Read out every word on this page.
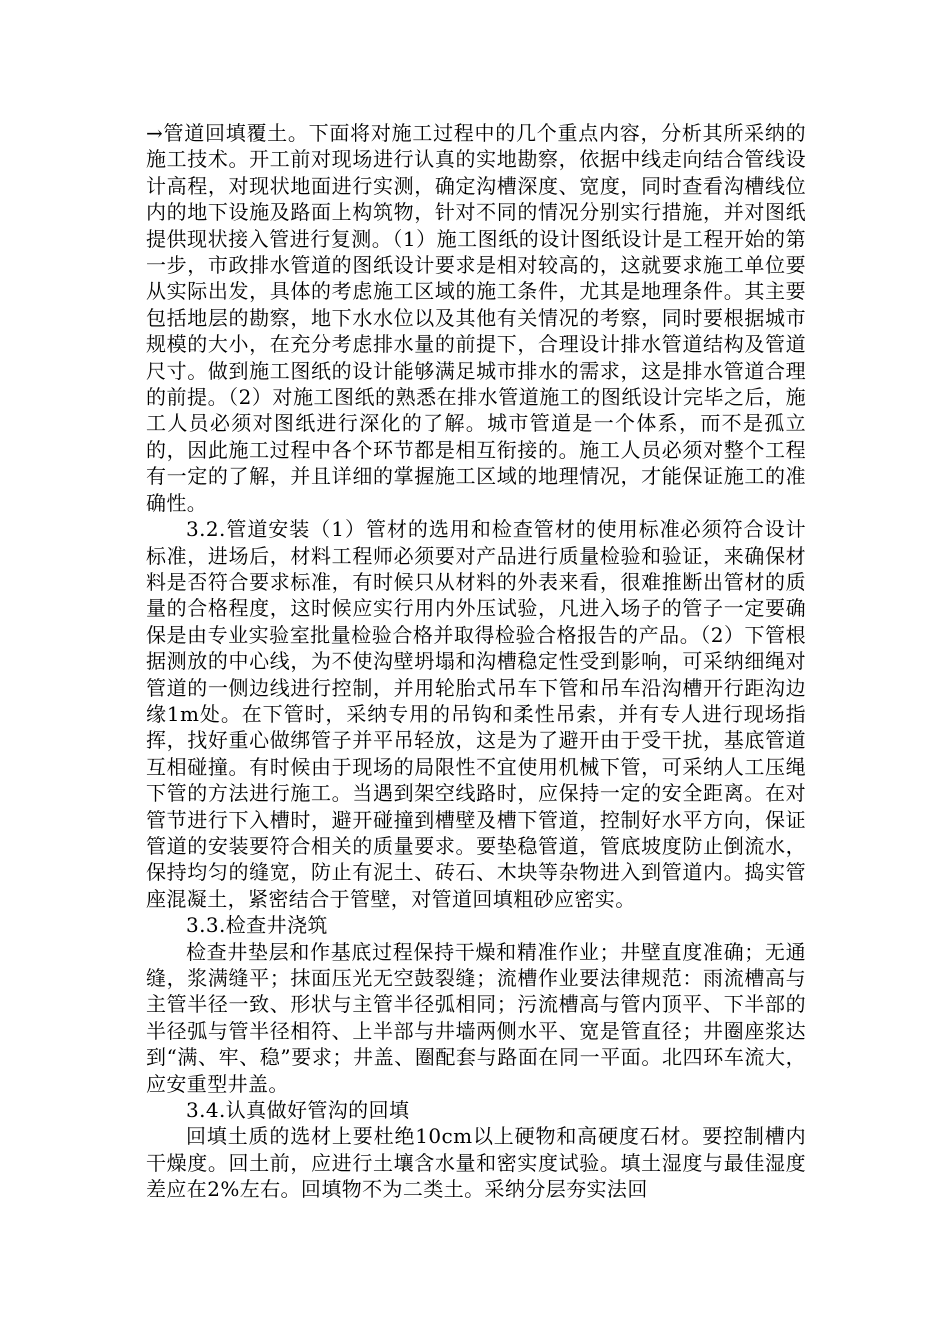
→管道回填覆土。下面将对施工过程中的几个重点内容，分析其所采纳的施工技术。开工前对现场进行认真的实地勘察，依据中线走向结合管线设计高程，对现状地面进行实测，确定沟槽深度、宽度，同时查看沟槽线位内的地下设施及路面上构筑物，针对不同的情况分别实行措施，并对图纸提供现状接入管进行复测。（1）施工图纸的设计图纸设计是工程开始的第一步，市政排水管道的图纸设计要求是相对较高的，这就要求施工单位要从实际出发，具体的考虑施工区域的施工条件，尤其是地理条件。其主要包括地层的勘察，地下水水位以及其他有关情况的考察，同时要根据城市规模的大小，在充分考虑排水量的前提下，合理设计排水管道结构及管道尺寸。做到施工图纸的设计能够满足城市排水的需求，这是排水管道合理的前提。（2）对施工图纸的熟悉在排水管道施工的图纸设计完毕之后，施工人员必须对图纸进行深化的了解。城市管道是一个体系，而不是孤立的，因此施工过程中各个环节都是相互衔接的。施工人员必须对整个工程有一定的了解，并且详细的掌握施工区域的地理情况，才能保证施工的准确性。

3.2.管道安装（1）管材的选用和检查管材的使用标准必须符合设计标准，进场后，材料工程师必须要对产品进行质量检验和验证，来确保材料是否符合要求标准，有时候只从材料的外表来看，很难推断出管材的质量的合格程度，这时候应实行用内外压试验，凡进入场子的管子一定要确保是由专业实验室批量检验合格并取得检验合格报告的产品。（2）下管根据测放的中心线，为不使沟壁坍塌和沟槽稳定性受到影响，可采纳细绳对管道的一侧边线进行控制，并用轮胎式吊车下管和吊车沿沟槽开行距沟边缘1m处。在下管时，采纳专用的吊钩和柔性吊索，并有专人进行现场指挥，找好重心做绑管子并平吊轻放，这是为了避开由于受干扰，基底管道互相碰撞。有时候由于现场的局限性不宜使用机械下管，可采纳人工压绳下管的方法进行施工。当遇到架空线路时，应保持一定的安全距离。在对管节进行下入槽时，避开碰撞到槽壁及槽下管道，控制好水平方向，保证管道的安装要符合相关的质量要求。要垫稳管道，管底坡度防止倒流水，保持均匀的缝宽，防止有泥土、砖石、木块等杂物进入到管道内。捣实管座混凝土，紧密结合于管壁，对管道回填粗砂应密实。

3.3.检查井浇筑

检查井垫层和作基底过程保持干燥和精准作业；井壁直度准确；无通缝，浆满缝平；抹面压光无空鼓裂缝；流槽作业要法律规范：雨流槽高与主管半径一致、形状与主管半径弧相同；污流槽高与管内顶平、下半部的半径弧与管半径相符、上半部与井墙两侧水平、宽是管直径；井圈座浆达到“满、牢、稳”要求；井盖、圈配套与路面在同一平面。北四环车流大，应安重型井盖。

3.4.认真做好管沟的回填

回填土质的选材上要杜绝10cm以上硬物和高硬度石材。要控制槽内干燥度。回土前，应进行土壤含水量和密实度试验。填土湿度与最佳湿度差应在2%左右。回填物不为二类土。采纳分层夯实法回
